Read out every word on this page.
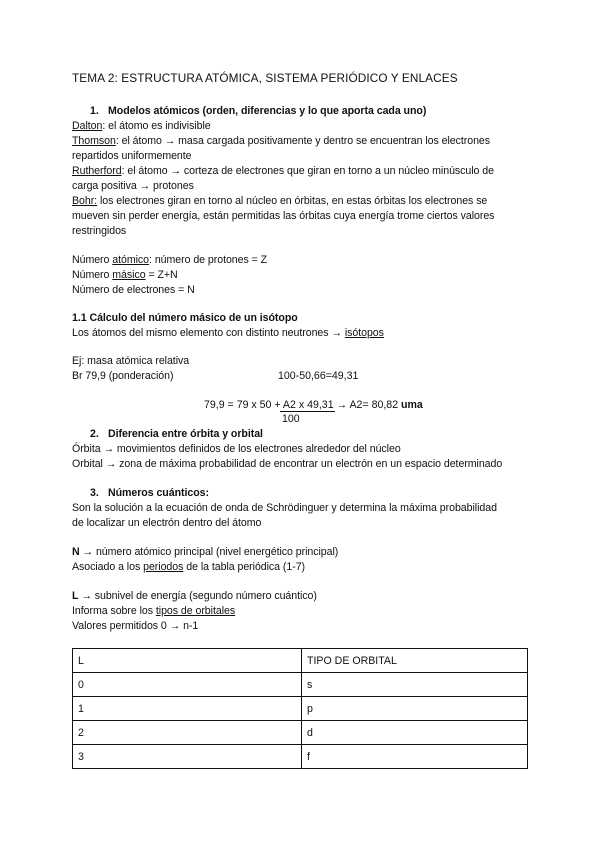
TEMA 2: ESTRUCTURA ATÓMICA, SISTEMA PERIÓDICO Y ENLACES
1. Modelos atómicos (orden, diferencias y lo que aporta cada uno)
Dalton: el átomo es indivisible
Thomson: el átomo → masa cargada positivamente y dentro se encuentran los electrones
repartidos uniformemente
Rutherford: el átomo → corteza de electrones que giran en torno a un núcleo minúsculo de
carga positiva → protones
Bohr: los electrones giran en torno al núcleo en órbitas, en estas órbitas los electrones se
mueven sin perder energía, están permitidas las órbitas cuya energía trome ciertos valores
restringidos
Número atómico: número de protones = Z
Número másico = Z+N
Número de electrones = N
1.1 Cálculo del número másico de un isótopo
Los átomos del mismo elemento con distinto neutrones → isótopos
Ej: masa atómica relativa
Br 79,9 (ponderación)	100-50,66=49,31
79,9 = 79 x 50 + A2 x 49,31 → A2= 80,82 uma
100
2. Diferencia entre órbita y orbital
Órbita → movimientos definidos de los electrones alrededor del núcleo
Orbital → zona de máxima probabilidad de encontrar un electrón en un espacio determinado
3. Números cuánticos:
Son la solución a la ecuación de onda de Schrödinguer y determina la máxima probabilidad
de localizar un electrón dentro del átomo
N → número atómico principal (nivel energético principal)
Asociado a los periodos de la tabla periódica (1-7)
L → subnivel de energía (segundo número cuántico)
Informa sobre los tipos de orbitales
Valores permitidos 0 → n-1
L	TIPO DE ORBITAL
0	s
1	p
2	d
3	f
